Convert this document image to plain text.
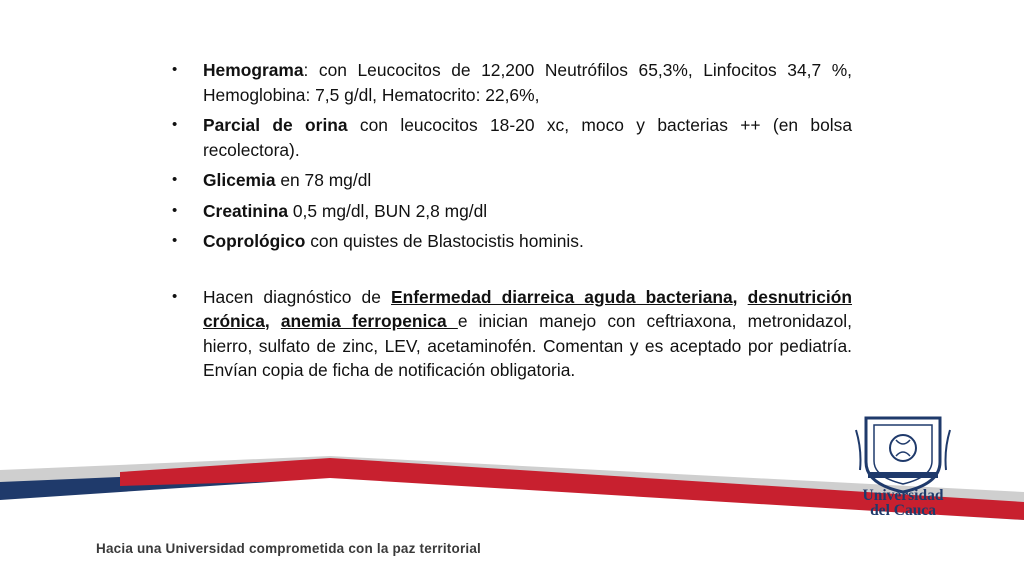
• Hemograma: con Leucocitos de 12,200 Neutrófilos 65,3%, Linfocitos 34,7 %, Hemoglobina: 7,5 g/dl, Hematocrito: 22,6%,
• Parcial de orina con leucocitos 18-20 xc, moco y bacterias ++ (en bolsa recolectora).
• Glicemia en 78 mg/dl
• Creatinina 0,5 mg/dl, BUN 2,8 mg/dl
• Coprológico con quistes de Blastocistis hominis.
• Hacen diagnóstico de Enfermedad diarreica aguda bacteriana, desnutrición crónica, anemia ferropenica e inician manejo con ceftriaxona, metronidazol, hierro, sulfato de zinc, LEV, acetaminofén. Comentan y es aceptado por pediatría. Envían copia de ficha de notificación obligatoria.
Universidad
del Cauca
Hacia una Universidad comprometida con la paz territorial
